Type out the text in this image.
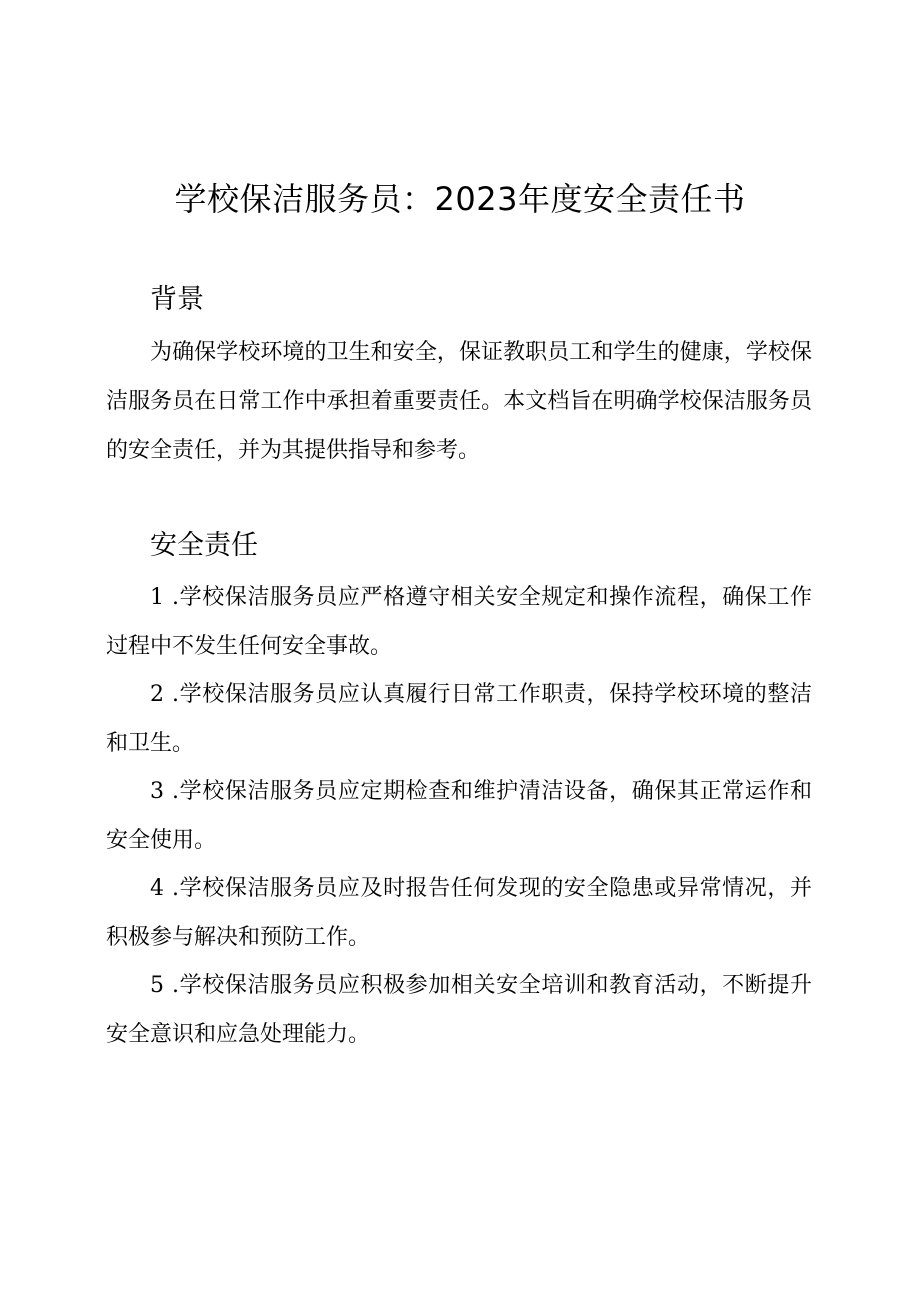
学校保洁服务员：2023年度安全责任书
背景

为确保学校环境的卫生和安全，保证教职员工和学生的健康，学校保洁服务员在日常工作中承担着重要责任。本文档旨在明确学校保洁服务员的安全责任，并为其提供指导和参考。

安全责任

1 .学校保洁服务员应严格遵守相关安全规定和操作流程，确保工作过程中不发生任何安全事故。

2 .学校保洁服务员应认真履行日常工作职责，保持学校环境的整洁和卫生。

3 .学校保洁服务员应定期检查和维护清洁设备，确保其正常运作和安全使用。

4 .学校保洁服务员应及时报告任何发现的安全隐患或异常情况，并积极参与解决和预防工作。

5 .学校保洁服务员应积极参加相关安全培训和教育活动，不断提升安全意识和应急处理能力。
